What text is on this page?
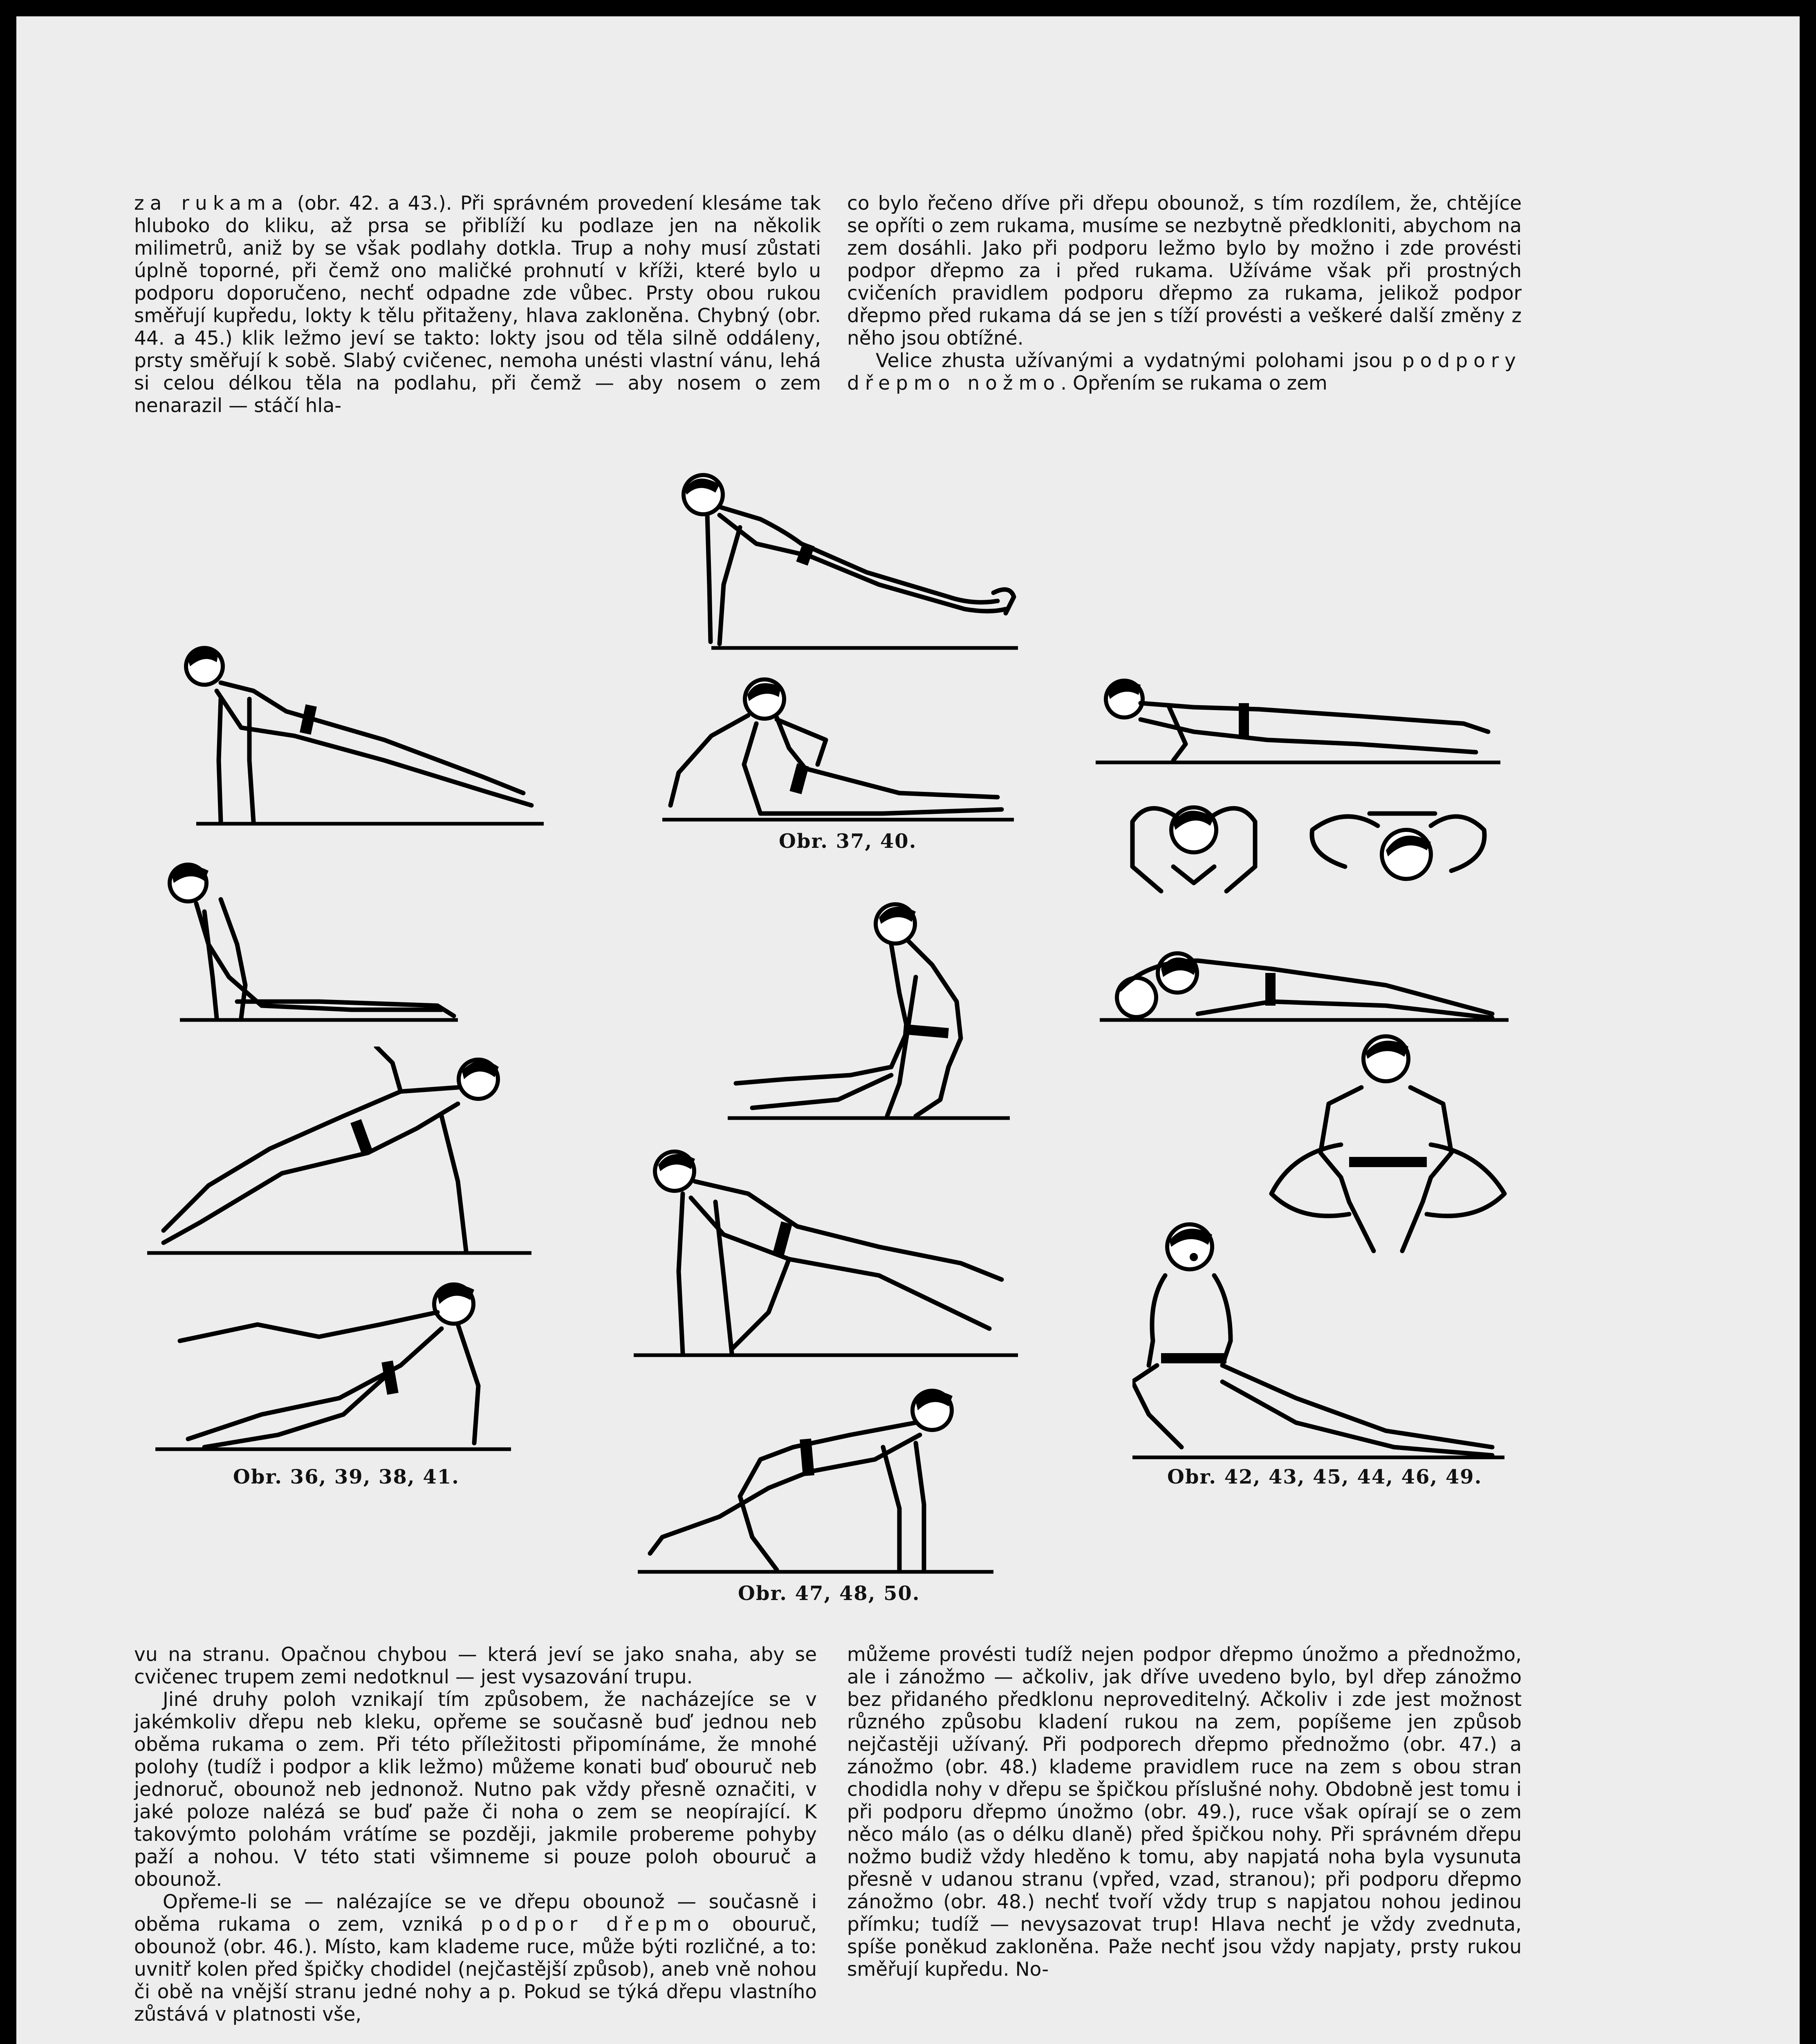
za rukama (obr. 42. a 43.). Při správném provedení klesáme tak hluboko do kliku, až prsa se přiblíží ku podlaze jen na několik milimetrů, aniž by se však podlahy dotkla. Trup a nohy musí zůstati úplně toporné, při čemž ono maličké prohnutí v kříži, které bylo u podporu doporučeno, nechť odpadne zde vůbec. Prsty obou rukou směřují kupředu, lokty k tělu přitaženy, hlava zakloněna. Chybný (obr. 44. a 45.) klik ležmo jeví se takto: lokty jsou od těla silně oddáleny, prsty směřují k sobě. Slabý cvičenec, nemoha unésti vlastní vánu, lehá si celou délkou těla na podlahu, při čemž — aby nosem o zem nenarazil — stáčí hla-

co bylo řečeno dříve při dřepu obounož, s tím rozdílem, že, chtějíce se opříti o zem rukama, musíme se nezbytně předkloniti, abychom na zem dosáhli. Jako při podporu ležmo bylo by možno i zde provésti podpor dřepmo za i před rukama. Užíváme však při prostných cvičeních pravidlem podporu dřepmo za rukama, jelikož podpor dřepmo před rukama dá se jen s tíží provésti a veškeré další změny z něho jsou obtížné.

Velice zhusta užívanými a vydatnými polohami jsou podpory dřepmo nožmo. Opřením se rukama o zem

Obr. 37, 40.
Obr. 36, 39, 38, 41.	Obr. 42, 43, 45, 44, 46, 49.
Obr. 47, 48, 50.

vu na stranu. Opačnou chybou — která jeví se jako snaha, aby se cvičenec trupem zemi nedotknul — jest vysazování trupu.

Jiné druhy poloh vznikají tím způsobem, že nacházejíce se v jakémkoliv dřepu neb kleku, opřeme se současně buď jednou neb oběma rukama o zem. Při této příležitosti připomínáme, že mnohé polohy (tudíž i podpor a klik ležmo) můžeme konati buď obouruč neb jednoruč, obounož neb jednonož. Nutno pak vždy přesně označiti, v jaké poloze nalézá se buď paže či noha o zem se neopírající. K takovýmto polohám vrátíme se později, jakmile probereme pohyby paží a nohou. V této stati všimneme si pouze poloh obouruč a obounož.

Opřeme-li se — nalézajíce se ve dřepu obounož — současně i oběma rukama o zem, vzniká podpor dřepmo obouruč, obounož (obr. 46.). Místo, kam klademe ruce, může býti rozličné, a to: uvnitř kolen před špičky chodidel (nejčastější způsob), aneb vně nohou či obě na vnější stranu jedné nohy a p. Pokud se týká dřepu vlastního zůstává v platnosti vše,

můžeme provésti tudíž nejen podpor dřepmo únožmo a přednožmo, ale i zánožmo — ačkoliv, jak dříve uvedeno bylo, byl dřep zánožmo bez přidaného předklonu neproveditelný. Ačkoliv i zde jest možnost různého způsobu kladení rukou na zem, popíšeme jen způsob nejčastěji užívaný. Při podporech dřepmo přednožmo (obr. 47.) a zánožmo (obr. 48.) klademe pravidlem ruce na zem s obou stran chodidla nohy v dřepu se špičkou příslušné nohy. Obdobně jest tomu i při podporu dřepmo únožmo (obr. 49.), ruce však opírají se o zem něco málo (as o délku dlaně) před špičkou nohy. Při správném dřepu nožmo budiž vždy hleděno k tomu, aby napjatá noha byla vysunuta přesně v udanou stranu (vpřed, vzad, stranou); při podporu dřepmo zánožmo (obr. 48.) nechť tvoří vždy trup s napjatou nohou jedinou přímku; tudíž — nevysazovat trup! Hlava nechť je vždy zvednuta, spíše poněkud zakloněna. Paže nechť jsou vždy napjaty, prsty rukou směřují kupředu. No-
